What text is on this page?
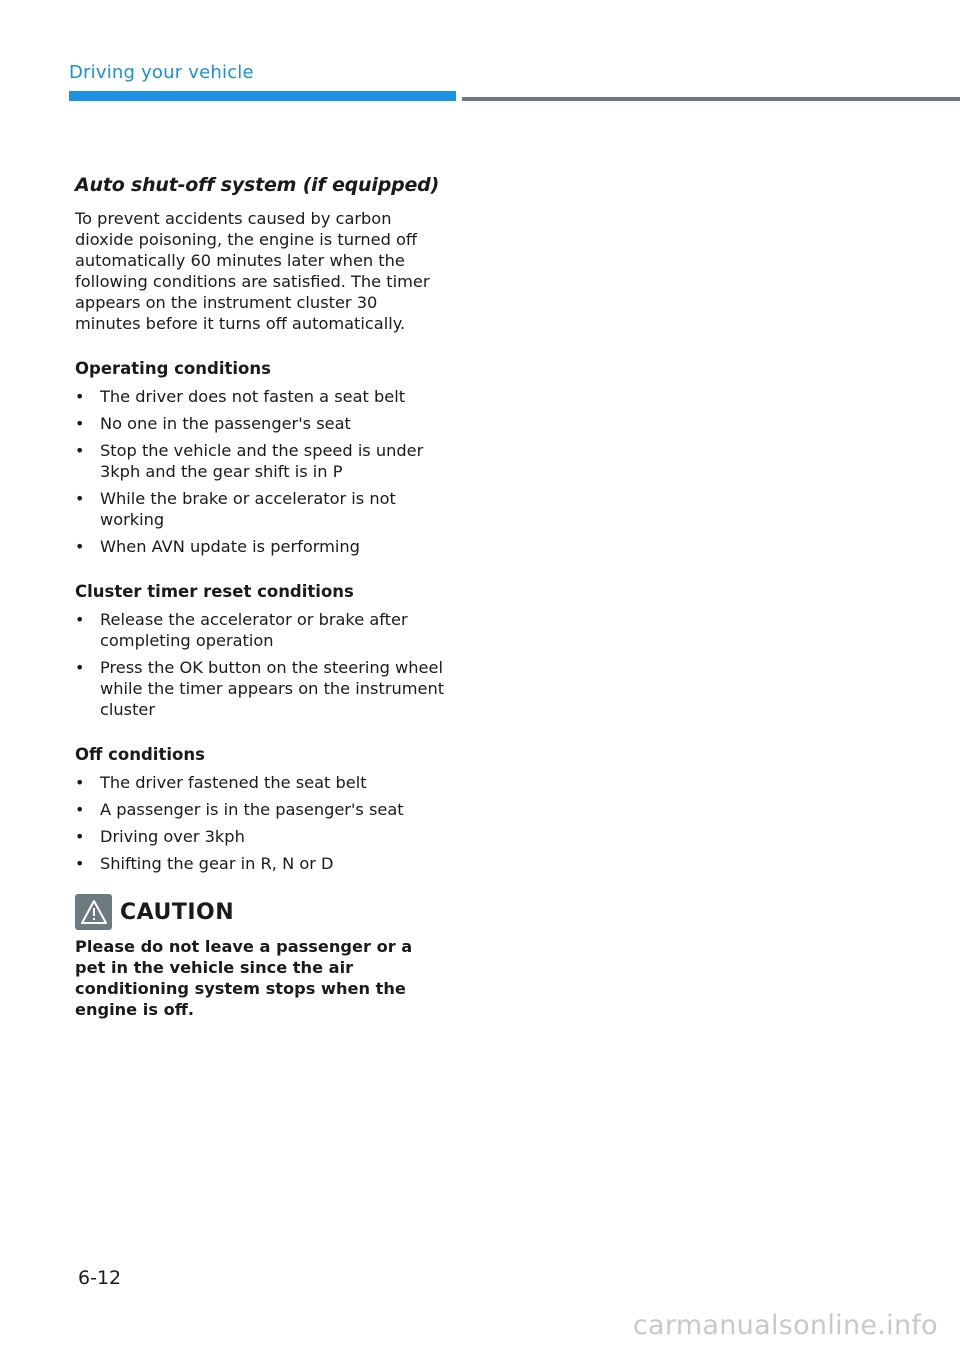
Driving your vehicle
Auto shut-off system (if equipped)

To prevent accidents caused by carbon dioxide poisoning, the engine is turned off automatically 60 minutes later when the following conditions are satisfied. The timer appears on the instrument cluster 30 minutes before it turns off automatically.

Operating conditions
• The driver does not fasten a seat belt
• No one in the passenger's seat
• Stop the vehicle and the speed is under 3kph and the gear shift is in P
• While the brake or accelerator is not working
• When AVN update is performing
Cluster timer reset conditions
• Release the accelerator or brake after completing operation
• Press the OK button on the steering wheel while the timer appears on the instrument cluster
Off conditions
• The driver fastened the seat belt
• A passenger is in the pasenger's seat
• Driving over 3kph
• Shifting the gear in R, N or D
CAUTION
Please do not leave a passenger or a pet in the vehicle since the air conditioning system stops when the engine is off.
6-12
carmanualsonline.info
